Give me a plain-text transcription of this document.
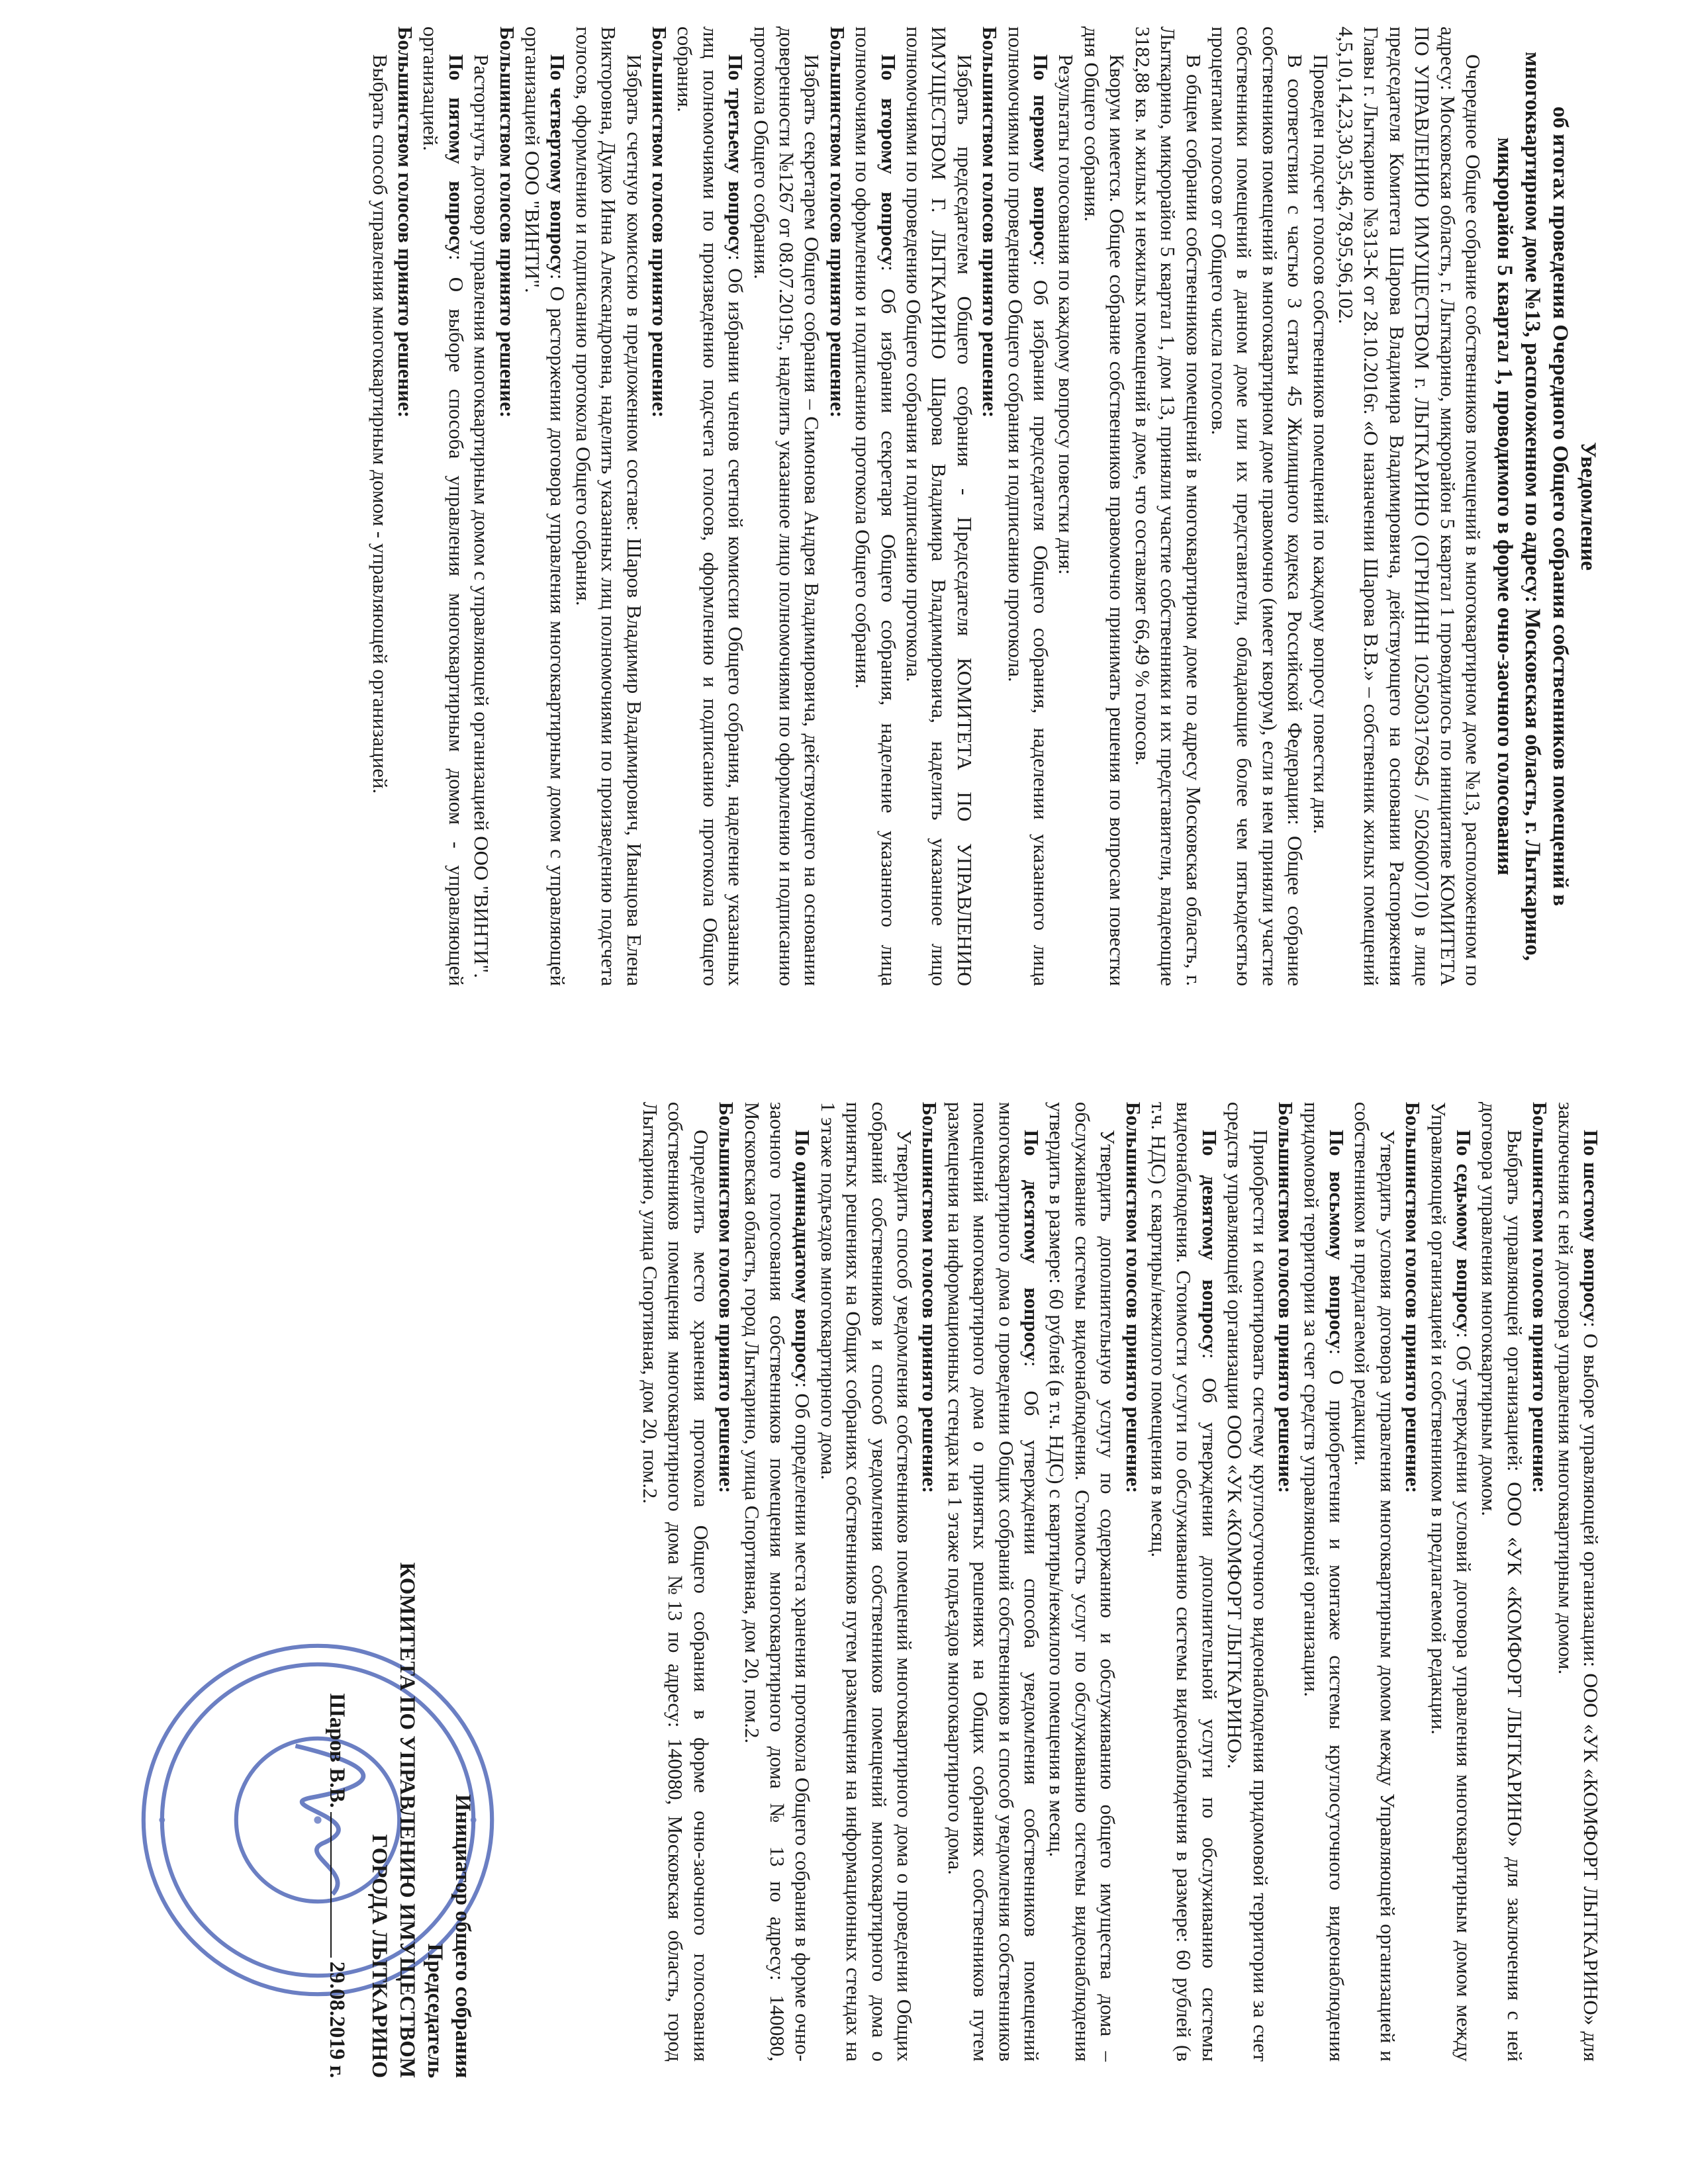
Уведомление
об итогах проведения Очередного Общего собрания собственников помещений в многоквартирном доме №13, расположенном по адресу: Московская область, г. Лыткарино, микрорайон 5 квартал 1, проводимого в форме очно-заочного голосования

Очередное Общее собрание собственников помещений в многоквартирном доме №13, расположенном по адресу: Московская область, г. Лыткарино, микрорайон 5 квартал 1 проводилось по инициативе КОМИТЕТА ПО УПРАВЛЕНИЮ ИМУЩЕСТВОМ г. ЛЫТКАРИНО (ОГРН/ИНН 1025003176945 / 5026000710) в лице председателя Комитета Шарова Владимира Владимировича, действующего на основании Распоряжения Главы г. Лыткарино №313-К от 28.10.2016г. «О назначении Шарова В.В.» – собственник жилых помещений 4,5,10,14,23,30,35,46,78,95,96,102.

Проведен подсчет голосов собственников помещений по каждому вопросу повестки дня.

В соответствии с частью 3 статьи 45 Жилищного кодекса Российской Федерации: Общее собрание собственников помещений в многоквартирном доме правомочно (имеет кворум), если в нем приняли участие собственники помещений в данном доме или их представители, обладающие более чем пятьюдесятью процентами голосов от Общего числа голосов.

В общем собрании собственников помещений в многоквартирном доме по адресу Московская область, г. Лыткарино, микрорайон 5 квартал 1, дом 13, приняли участие собственники и их представители, владеющие 3182,88 кв. м жилых и нежилых помещений в доме, что составляет 66,49 % голосов.

Кворум имеется. Общее собрание собственников правомочно принимать решения по вопросам повестки дня Общего собрания.

Результаты голосования по каждому вопросу повестки дня:

По первому вопросу: Об избрании председателя Общего собрания, наделении указанного лица полномочиями по проведению Общего собрания и подписанию протокола.

Большинством голосов принято решение:

Избрать председателем Общего собрания - Председателя КОМИТЕТА ПО УПРАВЛЕНИЮ ИМУЩЕСТВОМ Г. ЛЫТКАРИНО Шарова Владимира Владимировича, наделить указанное лицо полномочиями по проведению Общего собрания и подписанию протокола.

По второму вопросу: Об избрании секретаря Общего собрания, наделение указанного лица полномочиями по оформлению и подписанию протокола Общего собрания.

Большинством голосов принято решение:

Избрать секретарем Общего собрания – Симонова Андрея Владимировича, действующего на основании доверенности №1267 от 08.07.2019г., наделить указанное лицо полномочиями по оформлению и подписанию протокола Общего собрания.

По третьему вопросу: Об избрании членов счетной комиссии Общего собрания, наделение указанных лиц полномочиями по произведению подсчета голосов, оформлению и подписанию протокола Общего собрания.

Большинством голосов принято решение:

Избрать счетную комиссию в предложенном составе: Шаров Владимир Владимирович, Иванцова Елена Викторовна, Дудко Инна Александровна, наделить указанных лиц полномочиями по произведению подсчета голосов, оформлению и подписанию протокола Общего собрания.

По четвертому вопросу: О расторжении договора управления многоквартирным домом с управляющей организацией ООО "ВИНТИ".

Большинством голосов принято решение:

Расторгнуть договор управления многоквартирным домом с управляющей организацией ООО "ВИНТИ".

По пятому вопросу: О выборе способа управления многоквартирным домом - управляющей организацией.

Большинством голосов принято решение:

Выбрать способ управления многоквартирным домом - управляющей организацией.

По шестому вопросу: О выборе управляющей организации: ООО «УК «КОМФОРТ ЛЫТКАРИНО» для заключения с ней договора управления многоквартирным домом.

Большинством голосов принято решение:

Выбрать управляющей организацией: ООО «УК «КОМФОРТ ЛЫТКАРИНО» для заключения с ней договора управления многоквартирным домом.

По седьмому вопросу: Об утверждении условий договора управления многоквартирным домом между Управляющей организацией и собственником в предлагаемой редакции.

Большинством голосов принято решение:

Утвердить условия договора управления многоквартирным домом между Управляющей организацией и собственником в предлагаемой редакции.

По восьмому вопросу: О приобретении и монтаже системы круглосуточного видеонаблюдения придомовой территории за счет средств управляющей организации.

Большинством голосов принято решение:

Приобрести и смонтировать систему круглосуточного видеонаблюдения придомовой территории за счет средств управляющей организации ООО «УК «КОМФОРТ ЛЫТКАРИНО».

По девятому вопросу: Об утверждении дополнительной услуги по обслуживанию системы видеонаблюдения. Стоимости услуги по обслуживанию системы видеонаблюдения в размере: 60 рублей (в т.ч. НДС) с квартиры/нежилого помещения в месяц.

Большинством голосов принято решение:

Утвердить дополнительную услугу по содержанию и обслуживанию общего имущества дома – обслуживание системы видеонаблюдения. Стоимость услуг по обслуживанию системы видеонаблюдения утвердить в размере: 60 рублей (в т.ч. НДС) с квартиры/нежилого помещения в месяц.

По десятому вопросу: Об утверждении способа уведомления собственников помещений многоквартирного дома о проведении Общих собраний собственников и способ уведомления собственников помещений многоквартирного дома о принятых решениях на Общих собраниях собственников путем размещения на информационных стендах на 1 этаже подъездов многоквартирного дома.

Большинством голосов принято решение:

Утвердить способ уведомления собственников помещений многоквартирного дома о проведении Общих собраний собственников и способ уведомления собственников помещений многоквартирного дома о принятых решениях на Общих собраниях собственников путем размещения на информационных стендах на 1 этаже подъездов многоквартирного дома.

По одиннадцатому вопросу: Об определении места хранения протокола Общего собрания в форме очно-заочного голосования собственников помещения многоквартирного дома № 13 по адресу: 140080, Московская область, город Лыткарино, улица Спортивная, дом 20, пом.2.

Большинством голосов принято решение:

Определить место хранения протокола Общего собрания в форме очно-заочного голосования собственников помещения многоквартирного дома №13 по адресу: 140080, Московская область, город Лыткарино, улица Спортивная, дом 20, пом.2.

Инициатор общего собрания
Председатель
КОМИТЕТА ПО УПРАВЛЕНИЮ ИМУЩЕСТВОМ
ГОРОДА ЛЫТКАРИНО
Шаров В.В.29.08.2019 г.
